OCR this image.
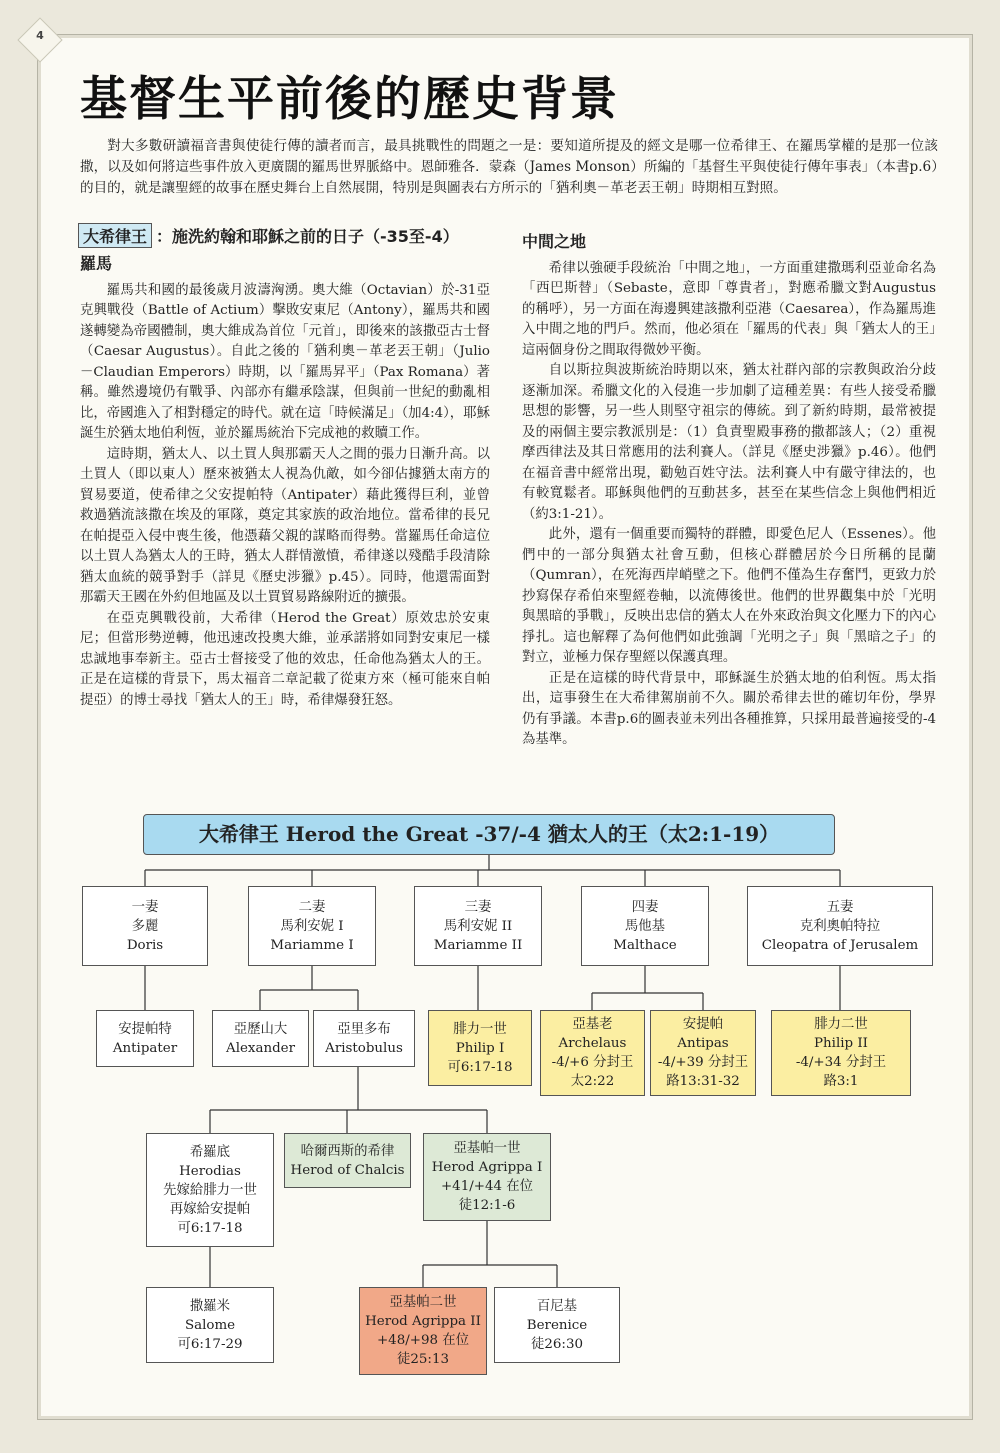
4
基督生平前後的歷史背景
對大多數研讀福音書與使徒行傳的讀者而言，最具挑戰性的問題之一是：要知道所提及的經文是哪一位希律王、在羅馬掌權的是那一位該撒，以及如何將這些事件放入更廣闊的羅馬世界脈絡中。恩師雅各．蒙森（James Monson）所編的「基督生平與使徒行傳年事表」（本書p.6）的目的，就是讓聖經的故事在歷史舞台上自然展開，特別是與圖表右方所示的「猶利奧－革老丟王朝」時期相互對照。
大希律王 ：施洗約翰和耶穌之前的日子（-35至-4）
羅馬

羅馬共和國的最後歲月波濤洶湧。奧大維（Octavian）於-31亞克興戰役（Battle of Actium）擊敗安東尼（Antony），羅馬共和國遂轉變為帝國體制，奧大維成為首位「元首」，即後來的該撒亞古士督（Caesar Augustus）。自此之後的「猶利奧－革老丟王朝」（Julio－Claudian Emperors）時期，以「羅馬昇平」（Pax Romana）著稱。雖然邊境仍有戰爭、內部亦有繼承陰謀，但與前一世紀的動亂相比，帝國進入了相對穩定的時代。就在這「時候滿足」（加4:4），耶穌誕生於猶太地伯利恆，並於羅馬統治下完成祂的救贖工作。

這時期，猶太人、以土買人與那霸天人之間的張力日漸升高。以土買人（即以東人）歷來被猶太人視為仇敵，如今卻佔據猶太南方的貿易要道，使希律之父安提帕特（Antipater）藉此獲得巨利，並曾救過猶流該撒在埃及的軍隊，奠定其家族的政治地位。當希律的長兄在帕提亞入侵中喪生後，他憑藉父親的謀略而得勢。當羅馬任命這位以土買人為猶太人的王時，猶太人群情激憤，希律遂以殘酷手段清除猶太血統的競爭對手（詳見《歷史涉獵》p.45）。同時，他還需面對那霸天王國在外約但地區及以土買貿易路線附近的擴張。

在亞克興戰役前，大希律（Herod the Great）原效忠於安東尼；但當形勢逆轉，他迅速改投奧大維，並承諾將如同對安東尼一樣忠誠地事奉新主。亞古士督接受了他的效忠，任命他為猶太人的王。正是在這樣的背景下，馬太福音二章記載了從東方來（極可能來自帕提亞）的博士尋找「猶太人的王」時，希律爆發狂怒。

中間之地

希律以強硬手段統治「中間之地」，一方面重建撒瑪利亞並命名為「西巴斯替」（Sebaste，意即「尊貴者」，對應希臘文對Augustus 的稱呼），另一方面在海邊興建該撒利亞港（Caesarea），作為羅馬進入中間之地的門戶。然而，他必須在「羅馬的代表」與「猶太人的王」這兩個身份之間取得微妙平衡。

自以斯拉與波斯統治時期以來，猶太社群內部的宗教與政治分歧逐漸加深。希臘文化的入侵進一步加劇了這種差異：有些人接受希臘思想的影響，另一些人則堅守祖宗的傳統。到了新約時期，最常被提及的兩個主要宗教派別是：（1）負責聖殿事務的撒都該人；（2）重視摩西律法及其日常應用的法利賽人。（詳見《歷史涉獵》p.46）。他們在福音書中經常出現，勸勉百姓守法。法利賽人中有嚴守律法的，也有較寬鬆者。耶穌與他們的互動甚多，甚至在某些信念上與他們相近（約3:1-21）。

此外，還有一個重要而獨特的群體，即愛色尼人（Essenes）。他們中的一部分與猶太社會互動，但核心群體居於今日所稱的昆蘭（Qumran），在死海西岸峭壁之下。他們不僅為生存奮鬥，更致力於抄寫保存希伯來聖經卷軸，以流傳後世。他們的世界觀集中於「光明與黑暗的爭戰」，反映出忠信的猶太人在外來政治與文化壓力下的內心掙扎。這也解釋了為何他們如此強調「光明之子」與「黑暗之子」的對立，並極力保存聖經以保護真理。

正是在這樣的時代背景中，耶穌誕生於猶太地的伯利恆。馬太指出，這事發生在大希律駕崩前不久。關於希律去世的確切年份，學界仍有爭議。本書p.6的圖表並未列出各種推算，只採用最普遍接受的-4為基準。

大希律王 Herod the Great -37/-4 猶太人的王（太2:1-19）
一妻
多麗
Doris
二妻
馬利安妮 I
Mariamme I
三妻
馬利安妮 II
Mariamme II
四妻
馬他基
Malthace
五妻
克利奧帕特拉
Cleopatra of Jerusalem
安提帕特
Antipater
亞歷山大
Alexander
亞里多布
Aristobulus
腓力一世
Philip I
可6:17-18
亞基老
Archelaus
-4/+6 分封王
太2:22
安提帕
Antipas
-4/+39 分封王
路13:31-32
腓力二世
Philip II
-4/+34 分封王
路3:1
希羅底
Herodias
先嫁給腓力一世
再嫁給安提帕
可6:17-18
哈爾西斯的希律
Herod of Chalcis
亞基帕一世
Herod Agrippa I
+41/+44 在位
徒12:1-6
撒羅米
Salome
可6:17-29
亞基帕二世
Herod Agrippa II
+48/+98 在位
徒25:13
百尼基
Berenice
徒26:30
